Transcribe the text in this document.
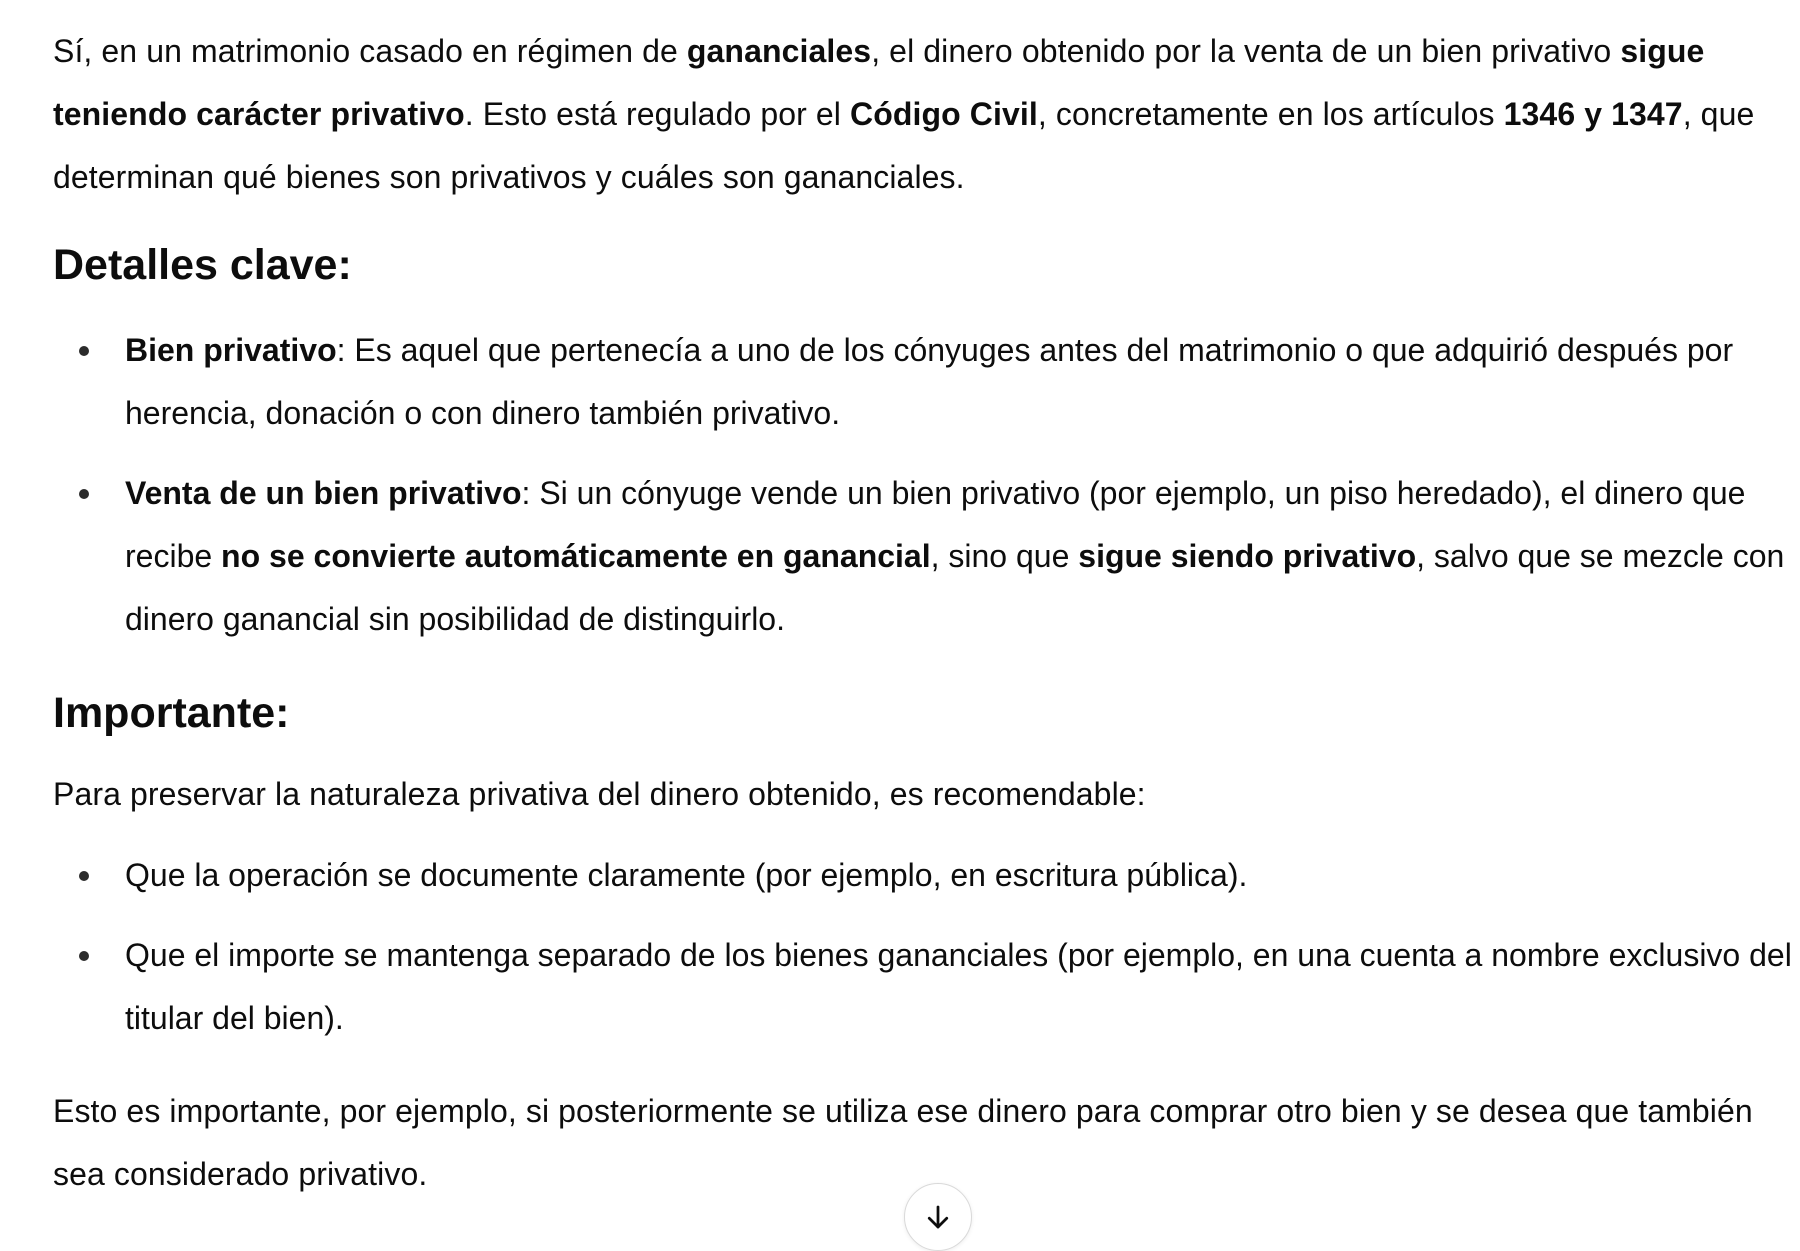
Sí, en un matrimonio casado en régimen de gananciales, el dinero obtenido por la venta de un bien privativo sigue teniendo carácter privativo. Esto está regulado por el Código Civil, concretamente en los artículos 1346 y 1347, que determinan qué bienes son privativos y cuáles son gananciales.

Detalles clave:
Bien privativo: Es aquel que pertenecía a uno de los cónyuges antes del matrimonio o que adquirió después por herencia, donación o con dinero también privativo.
Venta de un bien privativo: Si un cónyuge vende un bien privativo (por ejemplo, un piso heredado), el dinero que recibe no se convierte automáticamente en ganancial, sino que sigue siendo privativo, salvo que se mezcle con dinero ganancial sin posibilidad de distinguirlo.
Importante:

Para preservar la naturaleza privativa del dinero obtenido, es recomendable:

Que la operación se documente claramente (por ejemplo, en escritura pública).
Que el importe se mantenga separado de los bienes gananciales (por ejemplo, en una cuenta a nombre exclusivo del titular del bien).

Esto es importante, por ejemplo, si posteriormente se utiliza ese dinero para comprar otro bien y se desea que también sea considerado privativo.
